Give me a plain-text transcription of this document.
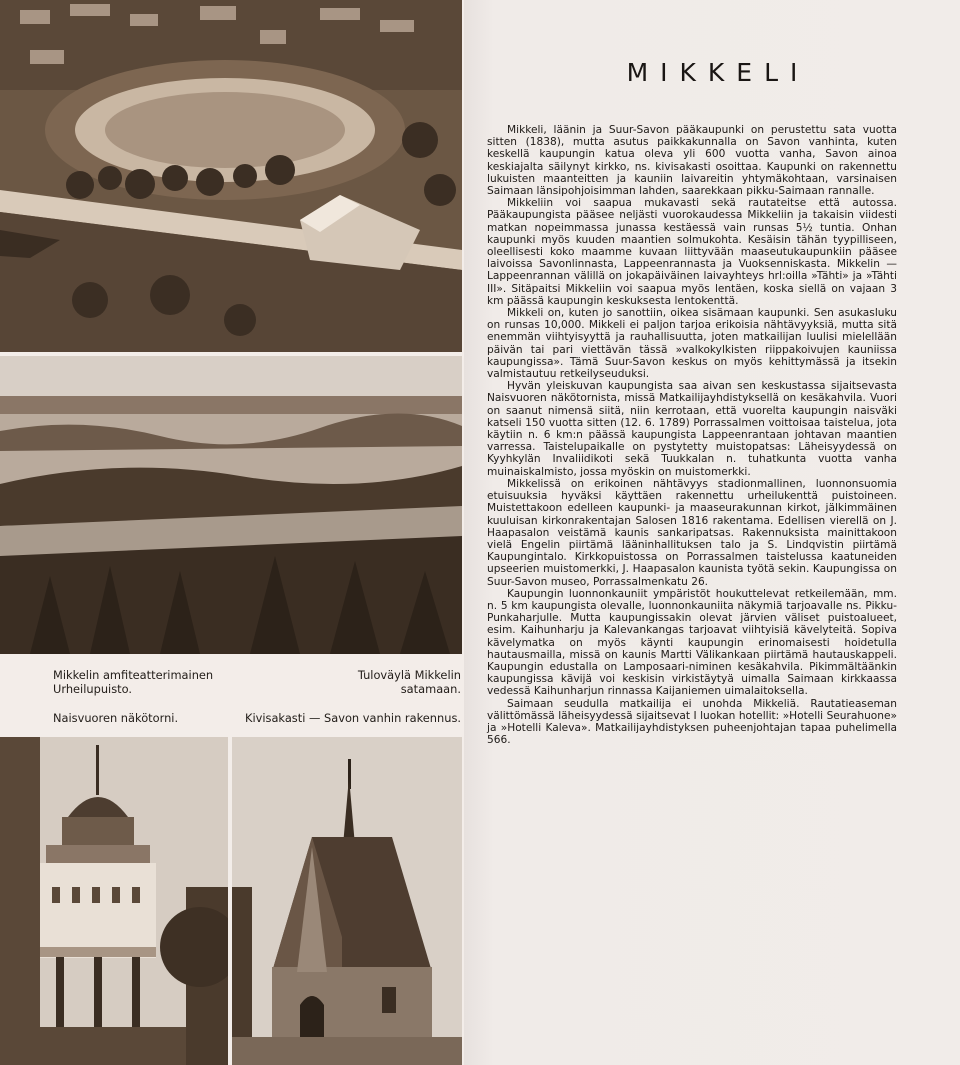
Mikkelin amfiteatterimainen Urheilupuisto.

Tuloväylä Mikkelin satamaan.

Naisvuoren näkötorni.	Kivisakasti — Savon vanhin rakennus.

MIKKELI

Mikkeli, läänin ja Suur-Savon pääkaupunki on perustettu sata vuotta sitten (1838), mutta asutus paikkakunnalla on Savon vanhinta, kuten keskellä kaupungin katua oleva yli 600 vuotta vanha, Savon ainoa keskiajalta säilynyt kirkko, ns. kivisakasti osoittaa. Kaupunki on rakennettu lukuisten maanteitten ja kauniin laivareitin yhtymäkohtaan, varsinaisen Saimaan länsipohjoisimman lahden, saarekkaan pikku-Saimaan rannalle.

Mikkeliin voi saapua mukavasti sekä rautateitse että autossa. Pääkaupungista pääsee neljästi vuorokaudessa Mikkeliin ja takaisin viidesti matkan nopeimmassa junassa kestäessä vain runsas 5½ tuntia. Onhan kaupunki myös kuuden maantien solmukohta. Kesäisin tähän tyypilliseen, oleellisesti koko maamme kuvaan liittyvään maaseutukaupunkiin pääsee laivoissa Savonlinnasta, Lappeenrannasta ja Vuoksenniskasta. Mikkelin — Lappeenrannan välillä on jokapäiväinen laivayhteys hrl:oilla »Tähti» ja »Tähti III». Sitäpaitsi Mikkeliin voi saapua myös lentäen, koska siellä on vajaan 3 km päässä kaupungin keskuksesta lentokenttä.

Mikkeli on, kuten jo sanottiin, oikea sisämaan kaupunki. Sen asukasluku on runsas 10,000. Mikkeli ei paljon tarjoa erikoisia nähtävyyksiä, mutta sitä enemmän viihtyisyyttä ja rauhallisuutta, joten matkailijan luulisi mielellään päivän tai pari viettävän tässä »valkokylkisten riippakoivujen kauniissa kaupungissa». Tämä Suur-Savon keskus on myös kehittymässä ja itsekin valmistautuu retkeilyseuduksi.

Hyvän yleiskuvan kaupungista saa aivan sen keskustassa sijaitsevasta Naisvuoren näkötornista, missä Matkailijayhdistyksellä on kesäkahvila. Vuori on saanut nimensä siitä, niin kerrotaan, että vuorelta kaupungin naisväki katseli 150 vuotta sitten (12. 6. 1789) Porrassalmen voittoisaa taistelua, jota käytiin n. 6 km:n päässä kaupungista Lappeenrantaan johtavan maantien varressa. Taistelupaikalle on pystytetty muistopatsas: Läheisyydessä on Kyyhkylän Invaliidikoti sekä Tuukkalan n. tuhatkunta vuotta vanha muinaiskalmisto, jossa myöskin on muistomerkki.

Mikkelissä on erikoinen nähtävyys stadionmallinen, luonnonsuomia etuisuuksia hyväksi käyttäen rakennettu urheilukenttä puistoineen. Muistettakoon edelleen kaupunki- ja maaseurakunnan kirkot, jälkimmäinen kuuluisan kirkonrakentajan Salosen 1816 rakentama. Edellisen vierellä on J. Haapasalon veistämä kaunis sankaripatsas. Rakennuksista mainittakoon vielä Engelin piirtämä lääninhallituksen talo ja S. Lindqvistin piirtämä Kaupungintalo. Kirkkopuistossa on Porrassalmen taistelussa kaatuneiden upseerien muistomerkki, J. Haapasalon kaunista työtä sekin. Kaupungissa on Suur-Savon museo, Porrassalmenkatu 26.

Kaupungin luonnonkauniit ympäristöt houkuttelevat retkeilemään, mm. n. 5 km kaupungista olevalle, luonnonkauniita näkymiä tarjoavalle ns. Pikku-Punkaharjulle. Mutta kaupungissakin olevat järvien väliset puistoalueet, esim. Kaihunharju ja Kalevankangas tarjoavat viihtyisiä kävelyteitä. Sopiva kävelymatka on myös käynti kaupungin erinomaisesti hoidetulla hautausmailla, missä on kaunis Martti Välikankaan piirtämä hautauskappeli. Kaupungin edustalla on Lamposaari-niminen kesäkahvila. Pikimmältäänkin kaupungissa kävijä voi keskisin virkistäytyä uimalla Saimaan kirkkaassa vedessä Kaihunharjun rinnassa Kaijaniemen uimalaitoksella.

Saimaan seudulla matkailija ei unohda Mikkeliä. Rautatieaseman välittömässä läheisyydessä sijaitsevat I luokan hotellit: »Hotelli Seurahuone» ja »Hotelli Kaleva». Matkailijayhdistyksen puheenjohtajan tapaa puhelimella 566.
